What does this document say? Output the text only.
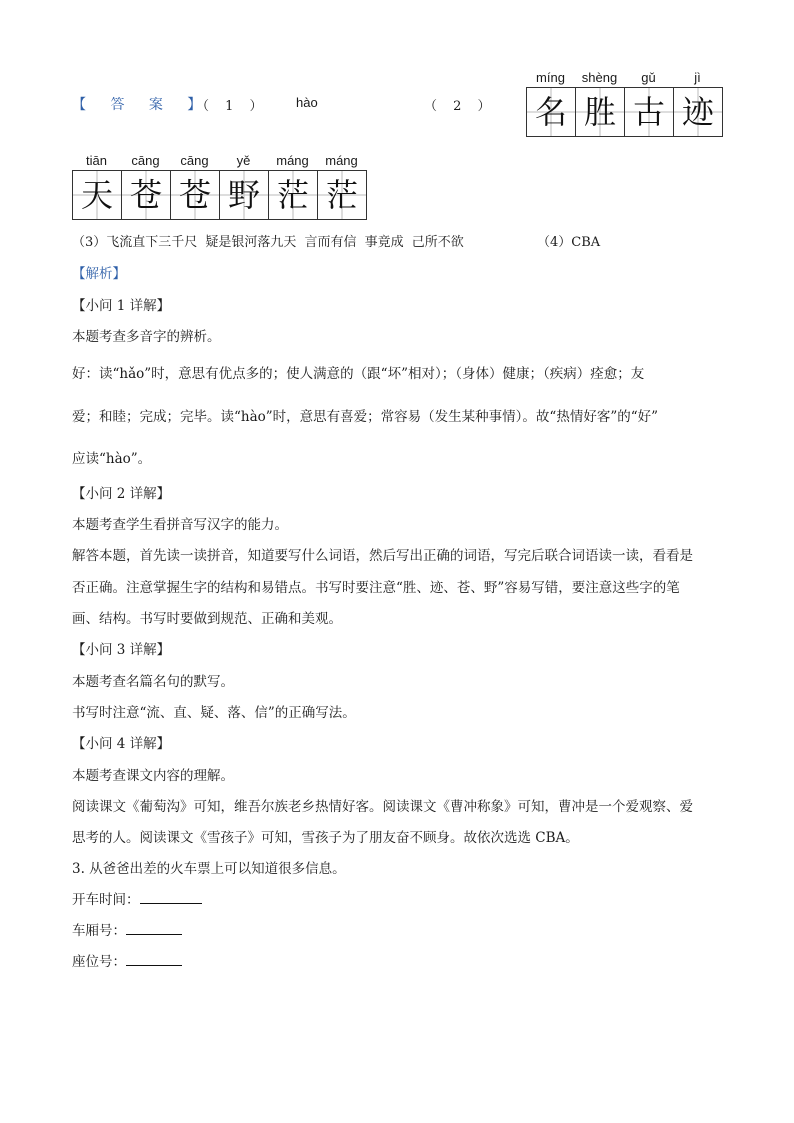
【 答 案 】
（ 1 ） hào	（ 2 ）
míng	shèng	gǔ	jì
名 胜 古 迹
tiān	cāng	cāng	yě	máng	máng
天 苍 苍 野 茫 茫
（3）飞流直下三千尺 疑是银河落九天 言而有信 事竟成 己所不欲	（4）CBA
【解析】
【小问 1 详解】
本题考查多音字的辨析。
好：读“hǎo”时，意思有优点多的；使人满意的（跟“坏”相对）；（身体）健康；（疾病）痊愈；友
爱；和睦；完成；完毕。读“hào”时，意思有喜爱；常容易（发生某种事情）。故“热情好客”的“好”
应读“hào”。
【小问 2 详解】
本题考查学生看拼音写汉字的能力。
解答本题，首先读一读拼音，知道要写什么词语，然后写出正确的词语，写完后联合词语读一读，看看是
否正确。注意掌握生字的结构和易错点。书写时要注意“胜、迹、苍、野”容易写错，要注意这些字的笔
画、结构。书写时要做到规范、正确和美观。
【小问 3 详解】
本题考查名篇名句的默写。
书写时注意“流、直、疑、落、信”的正确写法。
【小问 4 详解】
本题考查课文内容的理解。
阅读课文《葡萄沟》可知，维吾尔族老乡热情好客。阅读课文《曹冲称象》可知，曹冲是一个爱观察、爱
思考的人。阅读课文《雪孩子》可知，雪孩子为了朋友奋不顾身。故依次选选 CBA。
3. 从爸爸出差的火车票上可以知道很多信息。
开车时间：
车厢号：
座位号：
